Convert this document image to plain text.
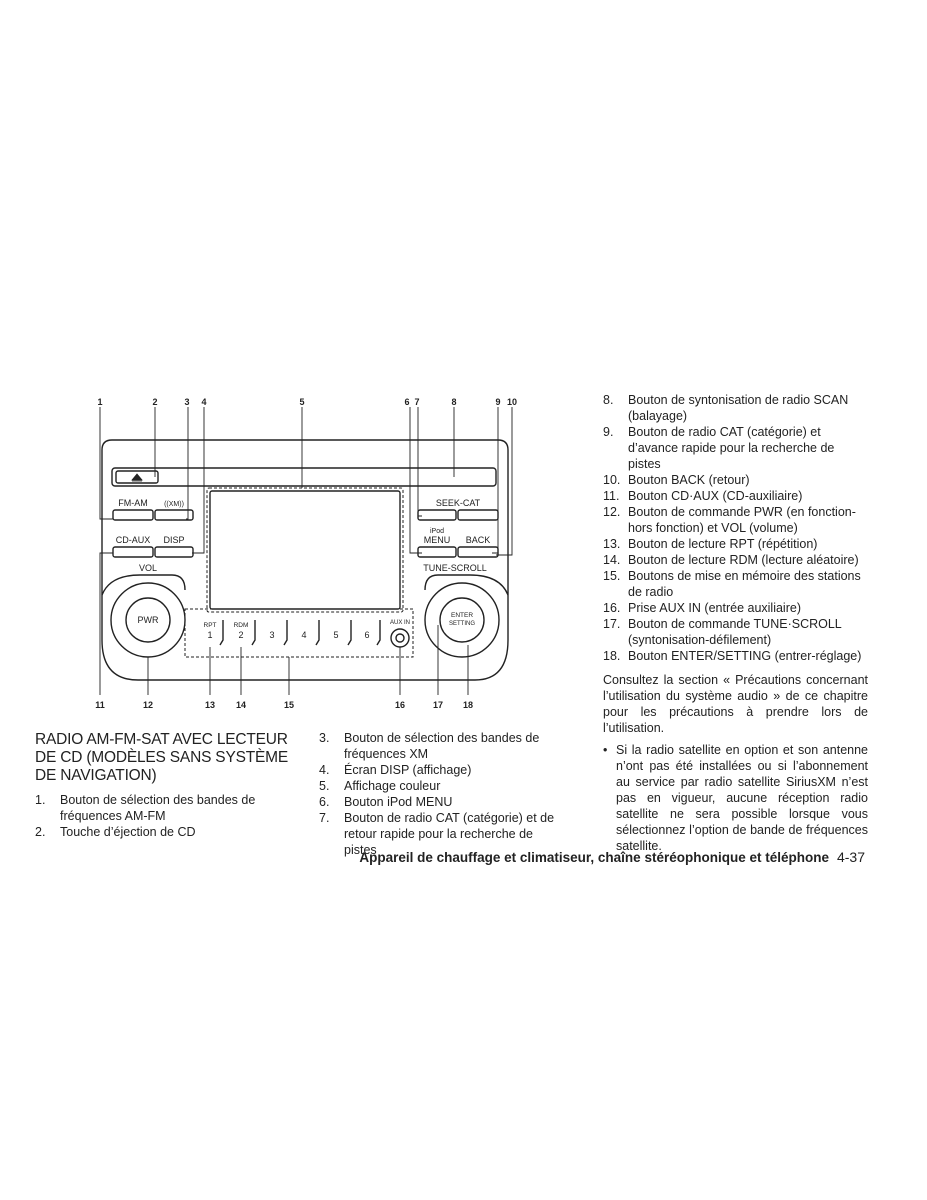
1	2	3 4	5	6 7	8	9 10
11	12	13 14	15	16	17 18
FM-AM ((XM))	SEEK-CAT
CD-AUX DISP
iPod
MENU BACK
VOL	TUNE-SCROLL
PWR	ENTER
SETTING
AUX IN
RPT	RDM
1	2	3	4	5	6
RADIO AM-FM-SAT AVEC LECTEUR DE CD (MODÈLES SANS SYSTÈME DE NAVIGATION)
1. Bouton de sélection des bandes de fréquences AM-FM
2. Touche d’éjection de CD
3. Bouton de sélection des bandes de fréquences XM
4. Écran DISP (affichage)
5. Affichage couleur
6. Bouton iPod MENU
7. Bouton de radio CAT (catégorie) et de retour rapide pour la recherche de pistes
8. Bouton de syntonisation de radio SCAN (balayage)
9. Bouton de radio CAT (catégorie) et d’avance rapide pour la recherche de pistes
10. Bouton BACK (retour)
11. Bouton CD·AUX (CD-auxiliaire)
12. Bouton de commande PWR (en fonction-hors fonction) et VOL (volume)
13. Bouton de lecture RPT (répétition)
14. Bouton de lecture RDM (lecture aléatoire)
15. Boutons de mise en mémoire des stations de radio
16. Prise AUX IN (entrée auxiliaire)
17. Bouton de commande TUNE·SCROLL (syntonisation-défilement)
18. Bouton ENTER/SETTING (entrer-réglage)

Consultez la section « Précautions concernant l’utilisation du système audio » de ce chapitre pour les précautions à prendre lors de l’utilisation.

• Si la radio satellite en option et son antenne n’ont pas été installées ou si l’abonnement au service par radio satellite SiriusXM n’est pas en vigueur, aucune réception radio satellite ne sera possible lorsque vous sélectionnez l’option de bande de fréquences satellite.
Appareil de chauffage et climatiseur, chaîne stéréophonique et téléphone 4-37
